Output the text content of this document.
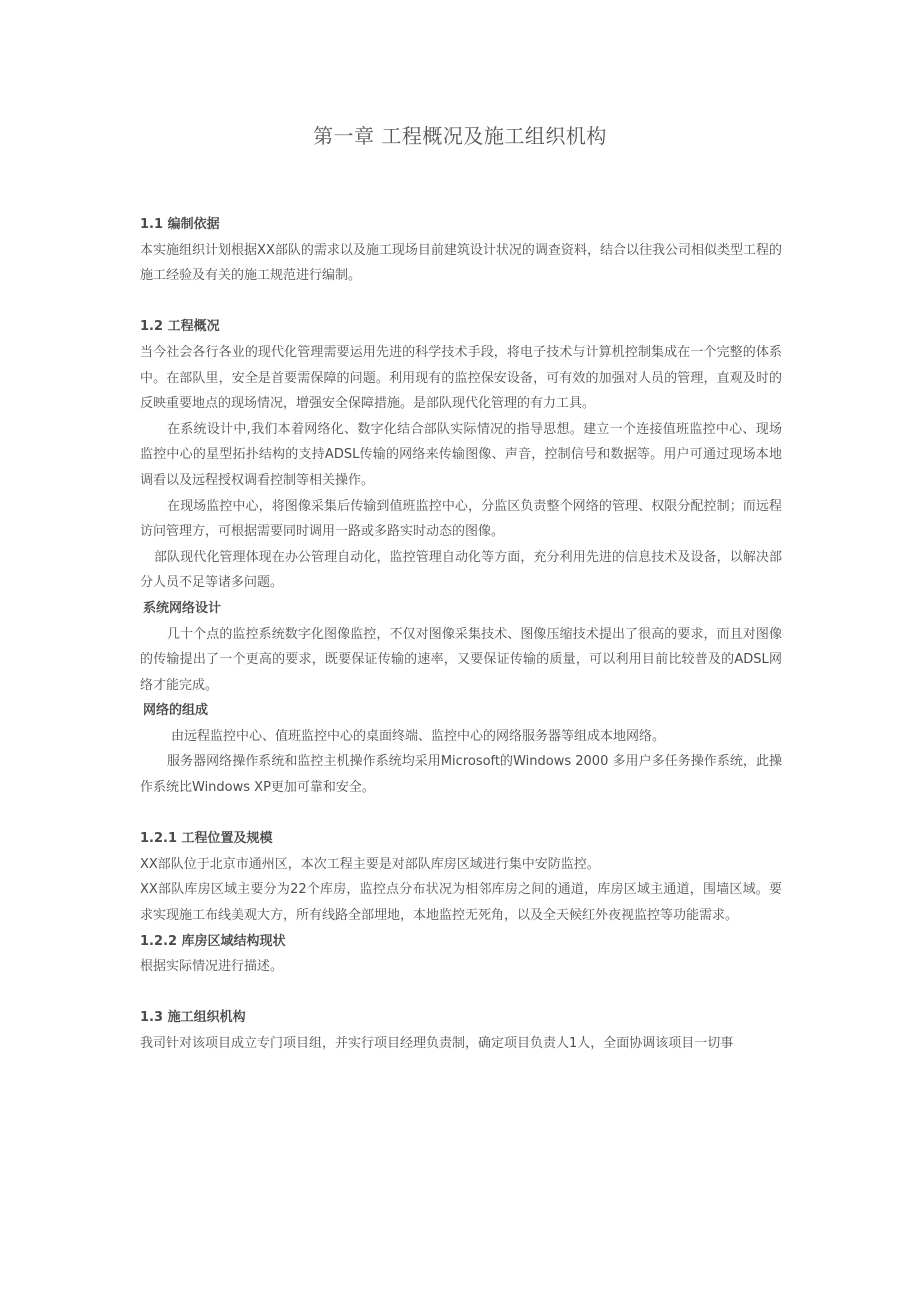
第一章 工程概况及施工组织机构
1.1 编制依据

本实施组织计划根据XX部队的需求以及施工现场目前建筑设计状况的调查资料，结合以往我公司相似类型工程的施工经验及有关的施工规范进行编制。

1.2 工程概况

当今社会各行各业的现代化管理需要运用先进的科学技术手段，将电子技术与计算机控制集成在一个完整的体系中。在部队里，安全是首要需保障的问题。利用现有的监控保安设备，可有效的加强对人员的管理，直观及时的反映重要地点的现场情况，增强安全保障措施。是部队现代化管理的有力工具。

在系统设计中,我们本着网络化、数字化结合部队实际情况的指导思想。建立一个连接值班监控中心、现场监控中心的星型拓扑结构的支持ADSL传输的网络来传输图像、声音，控制信号和数据等。用户可通过现场本地调看以及远程授权调看控制等相关操作。

在现场监控中心，将图像采集后传输到值班监控中心，分监区负责整个网络的管理、权限分配控制；而远程访问管理方，可根据需要同时调用一路或多路实时动态的图像。

部队现代化管理体现在办公管理自动化，监控管理自动化等方面，充分利用先进的信息技术及设备，以解决部分人员不足等诸多问题。

系统网络设计

几十个点的监控系统数字化图像监控，不仅对图像采集技术、图像压缩技术提出了很高的要求，而且对图像的传输提出了一个更高的要求，既要保证传输的速率，又要保证传输的质量，可以利用目前比较普及的ADSL网络才能完成。

网络的组成

由远程监控中心、值班监控中心的桌面终端、监控中心的网络服务器等组成本地网络。

服务器网络操作系统和监控主机操作系统均采用Microsoft的Windows 2000 多用户多任务操作系统，此操作系统比Windows XP更加可靠和安全。

1.2.1 工程位置及规模

XX部队位于北京市通州区，本次工程主要是对部队库房区域进行集中安防监控。

XX部队库房区域主要分为22个库房，监控点分布状况为相邻库房之间的通道，库房区域主通道，围墙区域。要求实现施工布线美观大方，所有线路全部埋地，本地监控无死角，以及全天候红外夜视监控等功能需求。

1.2.2 库房区域结构现状

根据实际情况进行描述。

1.3 施工组织机构

我司针对该项目成立专门项目组，并实行项目经理负责制，确定项目负责人1人，全面协调该项目一切事
